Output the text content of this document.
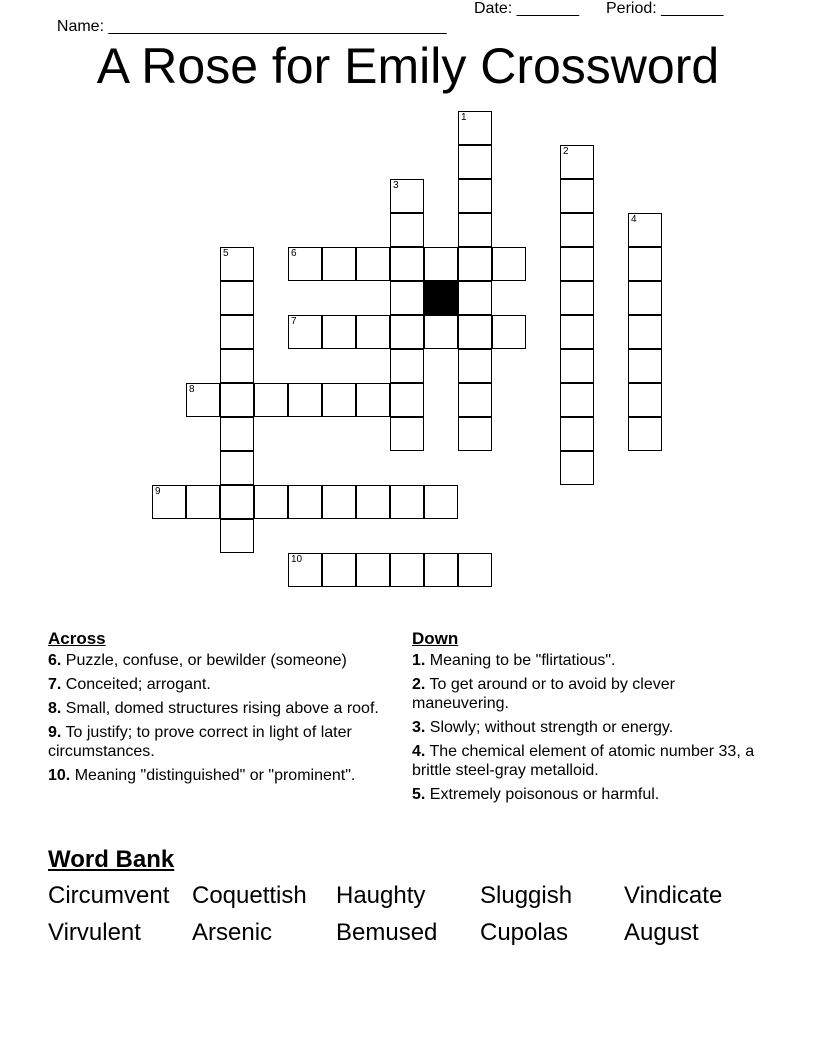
Name: ______________________________________

Date: _______

Period: _______

A Rose for Emily Crossword
1
2
3
4
5	6
7
8
9
10
Across
6. Puzzle, confuse, or bewilder (someone)
7. Conceited; arrogant.
8. Small, domed structures rising above a roof.
9. To justify; to prove correct in light of later circumstances.
10. Meaning "distinguished" or "prominent".
Down
1. Meaning to be "flirtatious".
2. To get around or to avoid by clever maneuvering.
3. Slowly; without strength or energy.
4. The chemical element of atomic number 33, a brittle steel-gray metalloid.
5. Extremely poisonous or harmful.
Word Bank
Circumvent Coquettish	Haughty	Sluggish	Vindicate
Virvulent	Arsenic	Bemused	Cupolas	August
